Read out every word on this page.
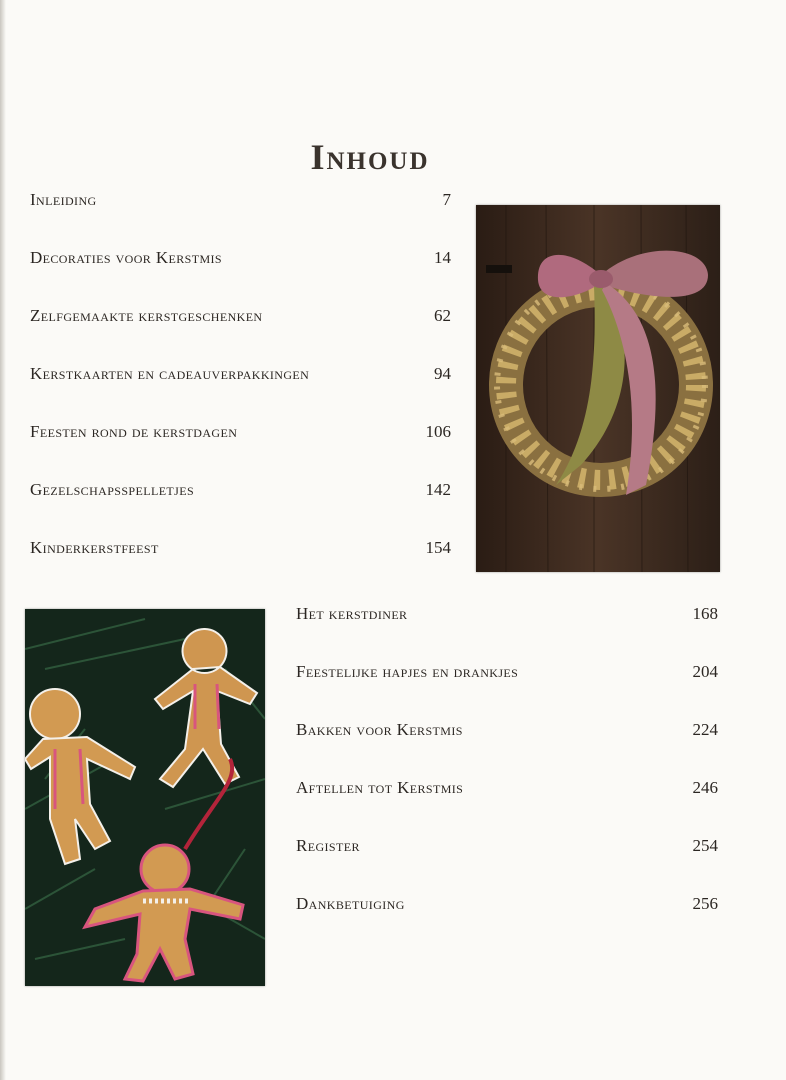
Inhoud
Inleiding	7
Decoraties voor Kerstmis	14
Zelfgemaakte kerstgeschenken	62
Kerstkaarten en cadeauverpakkingen	94
Feesten rond de kerstdagen	106
Gezelschapsspelletjes	142
Kinderkerstfeest	154
Het kerstdiner	168
Feestelijke hapjes en drankjes	204
Bakken voor Kerstmis	224
Aftellen tot Kerstmis	246
Register	254
Dankbetuiging	256
